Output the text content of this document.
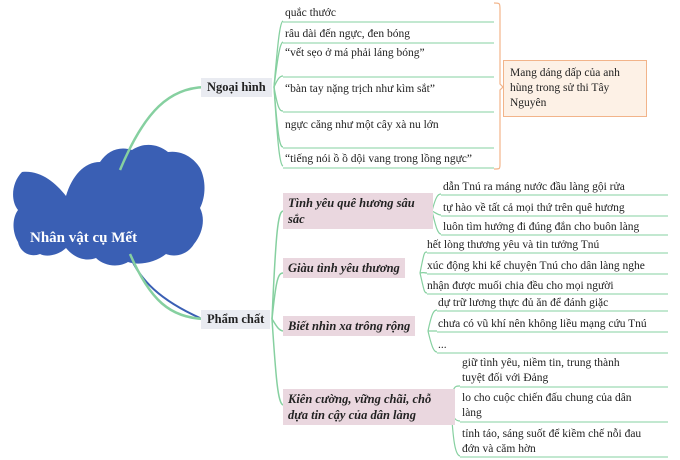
Nhân vật cụ Mết
Ngoại hình
quắc thước
râu dài đến ngực, đen bóng
“vết sẹo ở má phải láng bóng”
“bàn tay nặng trịch như kìm sắt”
ngực căng như một cây xà nu lớn
“tiếng nói ồ ồ dội vang trong lồng ngực”
Mang dáng dấp của anh hùng trong sử thi Tây Nguyên
Phẩm chất
Tình yêu quê hương sâu sắc
dẫn Tnú ra máng nước đầu làng gội rửa
tự hào về tất cả mọi thứ trên quê hương
luôn tìm hướng đi đúng đắn cho buôn làng
Giàu tình yêu thương
hết lòng thương yêu và tin tưởng Tnú
xúc động khi kể chuyện Tnú cho dân làng nghe
nhận được muối chia đều cho mọi người
Biết nhìn xa trông rộng
dự trữ lương thực đủ ăn để đánh giặc
chưa có vũ khí nên không liều mạng cứu Tnú
...
Kiên cường, vững chãi, chỗ dựa tin cậy của dân làng
giữ tình yêu, niềm tin, trung thành tuyệt đối với Đảng
lo cho cuộc chiến đấu chung của dân làng
tỉnh táo, sáng suốt để kiềm chế nỗi đau đớn và căm hờn
